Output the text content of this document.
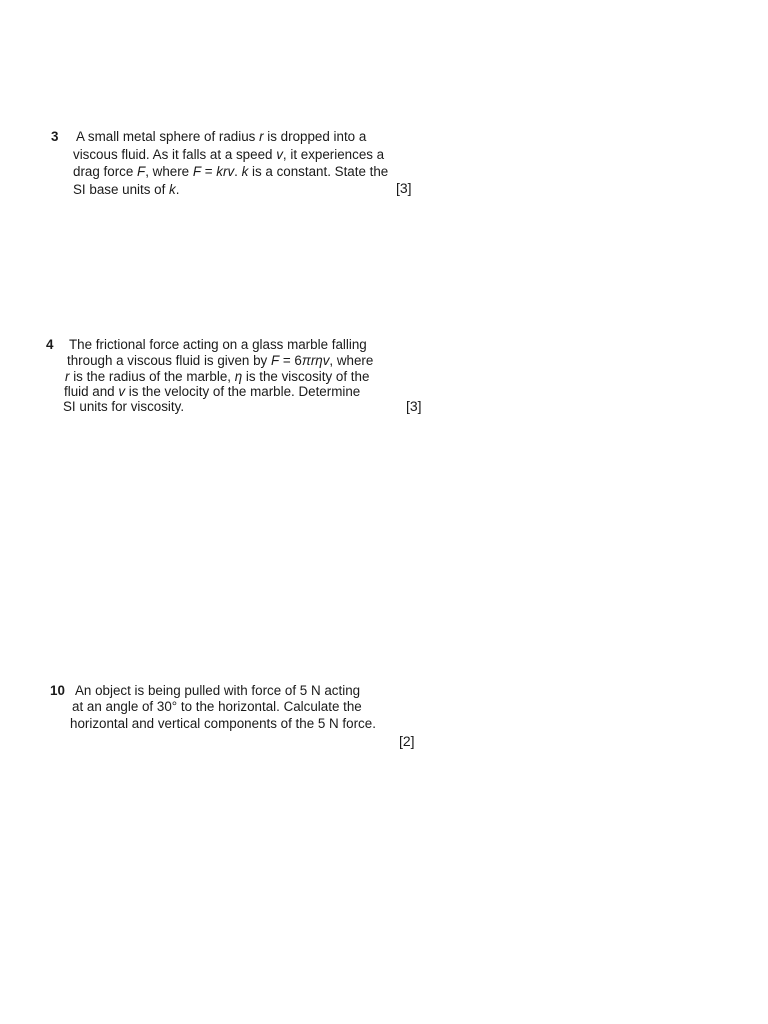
3 A small metal sphere of radius r is dropped into a
viscous fluid. As it falls at a speed v, it experiences a
drag force F, where F = krv. k is a constant. State the
SI base units of k.	[3]
4 The frictional force acting on a glass marble falling
through a viscous fluid is given by F = 6πrηv, where
r is the radius of the marble, η is the viscosity of the
fluid and v is the velocity of the marble. Determine
SI units for viscosity.	[3]
10 An object is being pulled with force of 5 N acting
at an angle of 30° to the horizontal. Calculate the
horizontal and vertical components of the 5 N force.
[2]
